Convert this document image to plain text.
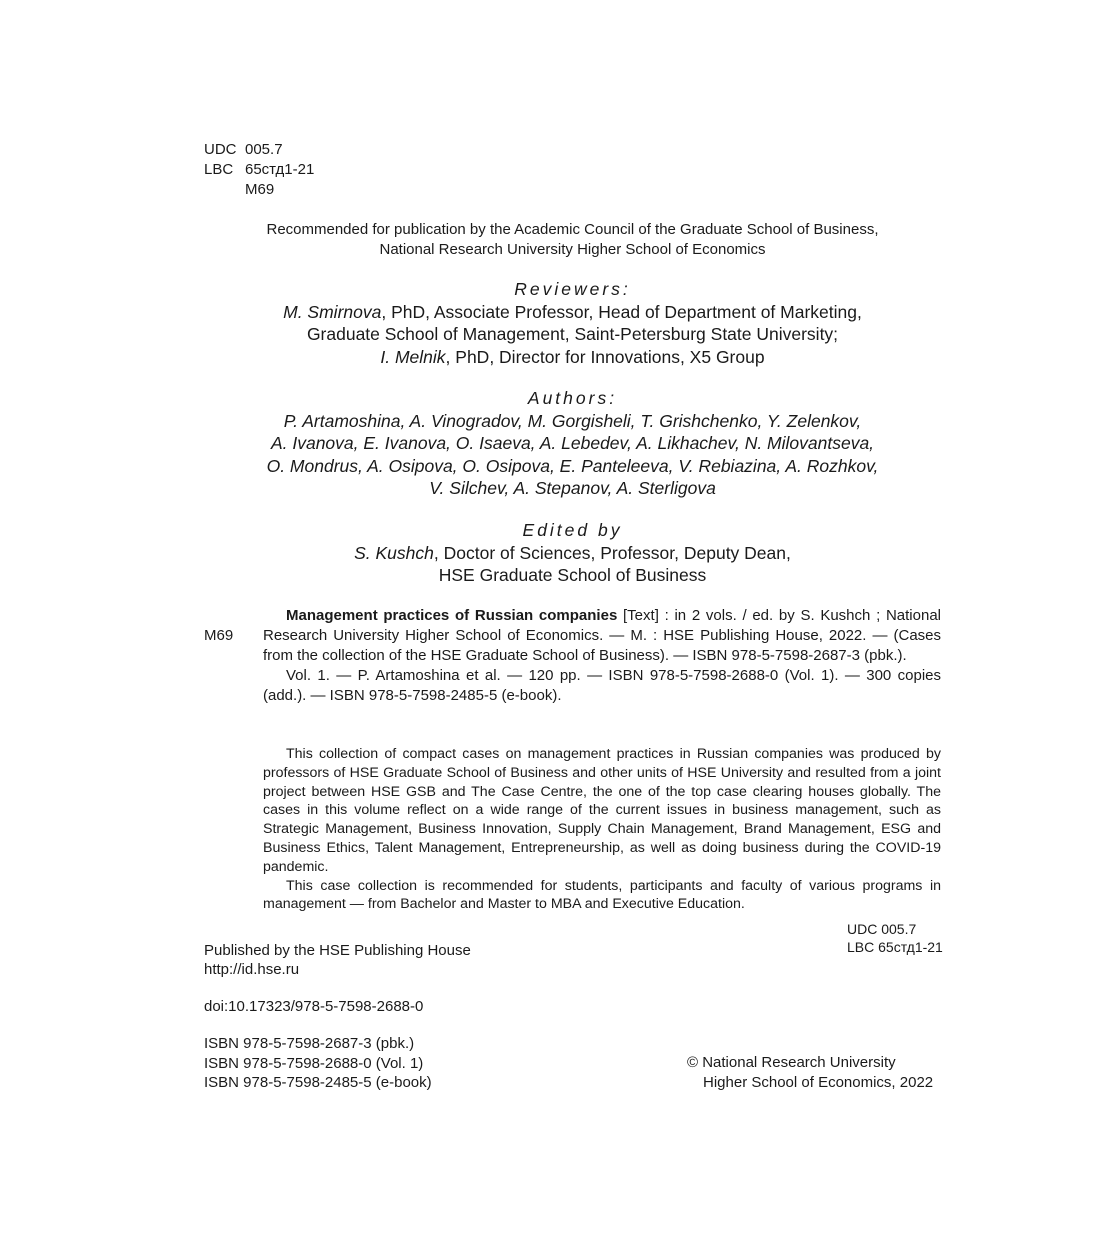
UDC 005.7
LBC 65стд1-21
M69
Recommended for publication by the Academic Council of the Graduate School of Business,
National Research University Higher School of Economics
Reviewers:
M. Smirnova, PhD, Associate Professor, Head of Department of Marketing,
Graduate School of Management, Saint-Petersburg State University;
I. Melnik, PhD, Director for Innovations, X5 Group
Authors:
P. Artamoshina, A. Vinogradov, M. Gorgisheli, T. Grishchenko, Y. Zelenkov,
A. Ivanova, E. Ivanova, O. Isaeva, A. Lebedev, A. Likhachev, N. Milovantseva,
O. Mondrus, A. Osipova, O. Osipova, E. Panteleeva, V. Rebiazina, A. Rozhkov,
V. Silchev, A. Stepanov, A. Sterligova
Edited by
S. Kushch, Doctor of Sciences, Professor, Deputy Dean,
HSE Graduate School of Business
M69

Management practices of Russian companies [Text] : in 2 vols. / ed. by S. Kushch ; National Research University Higher School of Economics. — M. : HSE Publishing House, 2022. — (Cases from the collection of the HSE Graduate School of Business). — ISBN 978-5-7598-2687-3 (pbk.).

Vol. 1. — P. Artamoshina et al. — 120 pp. — ISBN 978-5-7598-2688-0 (Vol. 1). — 300 copies (add.). — ISBN 978-5-7598-2485-5 (e-book).

This collection of compact cases on management practices in Russian companies was produced by professors of HSE Graduate School of Business and other units of HSE University and resulted from a joint project between HSE GSB and The Case Centre, the one of the top case clearing houses globally. The cases in this volume reflect on a wide range of the current issues in business management, such as Strategic Management, Business Innovation, Supply Chain Management, Brand Management, ESG and Business Ethics, Talent Management, Entrepreneurship, as well as doing business during the COVID-19 pandemic.

This case collection is recommended for students, participants and faculty of various programs in management — from Bachelor and Master to MBA and Executive Education.

UDC 005.7
LBC 65стд1-21
Published by the HSE Publishing House
http://id.hse.ru
doi:10.17323/978-5-7598-2688-0
ISBN 978-5-7598-2687-3 (pbk.)
ISBN 978-5-7598-2688-0 (Vol. 1)
ISBN 978-5-7598-2485-5 (e-book)
© National Research University
Higher School of Economics, 2022
